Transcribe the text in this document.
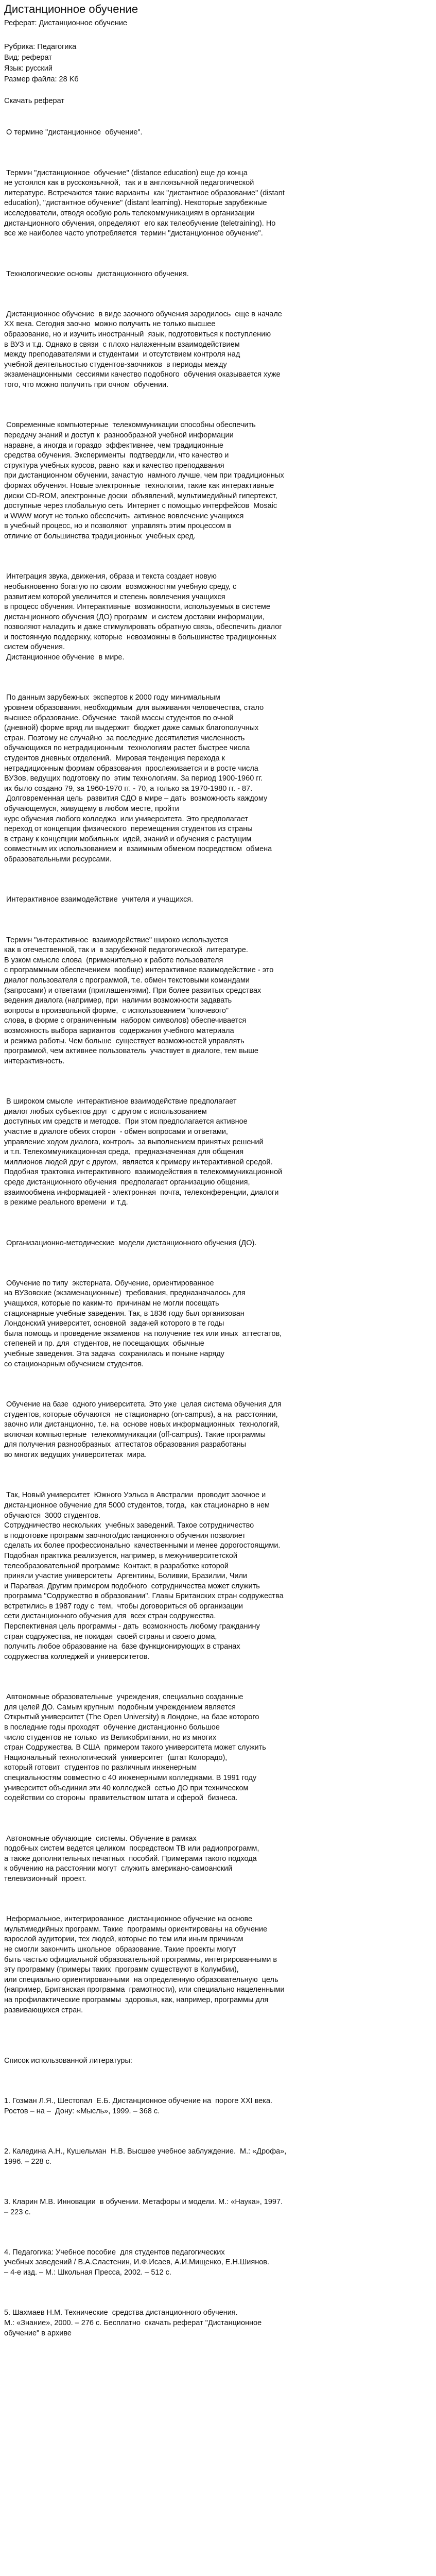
Дистанционное обучение
Реферат: Дистанционное обучение

Рубрика: Педагогика

Вид: реферат

Язык: русский

Размер файла: 28 Kб

Скачать реферат

О термине "дистанционное  обучение".

Термин "дистанционное  обучение" (distance education) еще до конца
не устоялся как в русскоязычной,  так и в англоязычной педагогической
литературе. Встречаются такие варианты  как "дистантное образование" (distant
education), "дистантное обучение" (distant learning). Некоторые зарубежные
исследователи, отводя особую роль телекоммуникациям в организации
дистанционного обучения, определяют  его как телеобучение (teletraining). Но
все же наиболее часто употребляется  термин "дистанционное обучение".

Технологические основы  дистанционного обучения.

Дистанционное обучение  в виде заочного обучения зародилось  еще в начале
ХХ века. Сегодня заочно  можно получить не только высшее
образование, но и изучить иностранный  язык, подготовиться к поступлению
в ВУЗ и т.д. Однако в связи  с плохо налаженным взаимодействием
между преподавателями и студентами  и отсутствием контроля над
учебной деятельностью студентов-заочников  в периоды между
экзаменационными  сессиями качество подобного  обучения оказывается хуже
того, что можно получить при очном  обучении.

Современные компьютерные  телекоммуникации способны обеспечить
передачу знаний и доступ к  разнообразной учебной информации
наравне, а иногда и гораздо  эффективнее, чем традиционные
средства обучения. Эксперименты  подтвердили, что качество и
структура учебных курсов, равно  как и качество преподавания
при дистанционном обучении, зачастую  намного лучше, чем при традиционных
формах обучения. Новые электронные  технологии, такие как интерактивные
диски CD-ROM, электронные доски  объявлений, мультимедийный гипертекст,
доступные через глобальную сеть  Интернет с помощью интерфейсов  Mosaic
и WWW могут не только обеспечить  активное вовлечение учащихся
в учебный процесс, но и позволяют  управлять этим процессом в
отличие от большинства традиционных  учебных сред.

Интеграция звука, движения, образа и текста создает новую
необыкновенно богатую по своим  возможностям учебную среду, с
развитием которой увеличится и степень вовлечения учащихся
в процесс обучения. Интерактивные  возможности, используемых в системе
дистанционного обучения (ДО) программ  и систем доставки информации,
позволяют наладить и даже стимулировать обратную связь, обеспечить диалог
и постоянную поддержку, которые  невозможны в большинстве традиционных
систем обучения.
Дистанционное обучение  в мире.

По данным зарубежных  экспертов к 2000 году минимальным
уровнем образования, необходимым  для выживания человечества, стало
высшее образование. Обучение  такой массы студентов по очной
(дневной) форме вряд ли выдержит  бюджет даже самых благополучных
стран. Поэтому не случайно  за последние десятилетия численность
обучающихся по нетрадиционным  технологиям растет быстрее числа
студентов дневных отделений.  Мировая тенденция перехода к
нетрадиционным формам образования  прослеживается и в росте числа
ВУЗов, ведущих подготовку по  этим технологиям. За период 1900-1960 гг.
их было создано 79, за 1960-1970 гг. - 70, а только за 1970-1980 гг. - 87.
Долговременная цель  развития СДО в мире – дать  возможность каждому
обучающемуся, живущему в любом месте, пройти
курс обучения любого колледжа  или университета. Это предполагает
переход от концепции физического  перемещения студентов из страны
в страну к концепции мобильных  идей, знаний и обучения с растущим
совместным их использованием и  взаимным обменом посредством  обмена
образовательными ресурсами.

Интерактивное взаимодействие  учителя и учащихся.

Термин "интерактивное  взаимодействие" широко используется
как в отечественной, так и  в зарубежной педагогической  литературе.
В узком смысле слова  (применительно к работе пользователя
с программным обеспечением  вообще) интерактивное взаимодействие - это
диалог пользователя с программой, т.е. обмен текстовыми командами
(запросами) и ответами (приглашениями). При более развитых средствах
ведения диалога (например, при  наличии возможности задавать
вопросы в произвольной форме,  с использованием "ключевого"
слова, в форме с ограниченным  набором символов) обеспечивается
возможность выбора вариантов  содержания учебного материала
и режима работы. Чем больше  существует возможностей управлять
программой, чем активнее пользователь  участвует в диалоге, тем выше
интерактивность.

В широком смысле  интерактивное взаимодействие предполагает
диалог любых субъектов друг  с другом с использованием
доступных им средств и методов.  При этом предполагается активное
участие в диалоге обеих сторон  - обмен вопросами и ответами,
управление ходом диалога, контроль  за выполнением принятых решений
и т.п. Телекоммуникационная среда,  предназначенная для общения
миллионов людей друг с другом,  является к примеру интерактивной средой.
Подобная трактовка интерактивного  взаимодействия в телекоммуникационной
среде дистанционного обучения  предполагает организацию общения,
взаимообмена информацией - электронная  почта, телеконференции, диалоги
в режиме реального времени  и т.д.

Организационно-методические  модели дистанционного обучения (ДО).

Обучение по типу  экстерната. Обучение, ориентированное
на ВУЗовские (экзаменационные)  требования, предназначалось для
учащихся, которые по каким-то  причинам не могли посещать
стационарные учебные заведения. Так, в 1836 году был организован
Лондонский университет, основной  задачей которого в те годы
была помощь и проведение экзаменов  на получение тех или иных  аттестатов,
степеней и пр. для  студентов, не посещающих  обычные
учебные заведения. Эта задача  сохранилась и поныне наряду
со стационарным обучением студентов.

Обучение на базе  одного университета. Это уже  целая система обучения для
студентов, которые обучаются  не стационарно (on-campus), а на  расстоянии,
заочно или дистанционно, т.е. на  основе новых информационных  технологий,
включая компьютерные  телекоммуникации (off-campus). Такие программы
для получения разнообразных  аттестатов образования разработаны
во многих ведущих университетах  мира.

Так, Новый университет  Южного Уэльса в Австралии  проводит заочное и
дистанционное обучение для 5000 студентов, тогда,  как стационарно в нем
обучаются  3000 студентов.
Сотрудничество нескольких  учебных заведений. Такое сотрудничество
в подготовке программ заочного/дистанционного обучения позволяет
сделать их более профессионально  качественными и менее дорогостоящими.
Подобная практика реализуется, например, в межуниверситетской
телеобразовательной программе  Контакт, в разработке которой
приняли участие университеты  Аргентины, Боливии, Бразилии, Чили
и Парагвая. Другим примером подобного  сотрудничества может служить
программа "Содружество в образовании". Главы Британских стран содружества
встретились в 1987 году с  тем,  чтобы договориться об организации
сети дистанционного обучения для  всех стран содружества.
Перспективная цель программы - дать  возможность любому гражданину
стран содружества, не покидая  своей страны и своего дома,
получить любое образование на  базе функционирующих в странах
содружества колледжей и университетов.

Автономные образовательные  учреждения, специально созданные
для целей ДО. Самым крупным  подобным учреждением является
Открытый университет (The Open University) в Лондоне, на базе которого
в последние годы проходят  обучение дистанционно большое
число студентов не только  из Великобритании, но из многих
стран Содружества. В США  примером такого университета может служить
Национальный технологический  университет  (штат Колорадо),
который готовит  студентов по различным инженерным
специальностям совместно с 40 инженерными колледжами. В 1991 году
университет объединил эти 40 колледжей  сетью ДО при техническом
содействии со стороны  правительством штата и сферой  бизнеса.

Автономные обучающие  системы. Обучение в рамках
подобных систем ведется целиком  посредством ТВ или радиопрограмм,
а также дополнительных печатных  пособий. Примерами такого подхода
к обучению на расстоянии могут  служить американо-самоанский
телевизионный  проект.

Неформальное, интегрированное  дистанционное обучение на основе
мультимедийных программ. Такие  программы ориентированы на обучение
взрослой аудитории, тех людей, которые по тем или иным причинам
не смогли закончить школьное  образование. Такие проекты могут
быть частью официальной образовательной программы, интегрированными в
эту программу (примеры таких  программ существуют в Колумбии),
или специально ориентированными  на определенную образовательную  цель
(например, Британская программа  грамотности), или специально нацеленными
на профилактические программы  здоровья, как, например, программы для
развивающихся стран.

Список использованной литературы:

1. Гозман Л.Я., Шестопал  Е.Б. Дистанционное обучение на  пороге XXI века.
Ростов – на –  Дону: «Мысль», 1999. – 368 с.

2. Каледина А.Н., Кушельман  Н.В. Высшее учебное заблуждение.  М.: «Дрофа»,
1996. – 228 с.

3. Кларин М.В. Инновации  в обучении. Метафоры и модели. М.: «Наука», 1997.
– 223 с.

4. Педагогика: Учебное пособие  для студентов педагогических
учебных заведений / В.А.Сластенин, И.Ф.Исаев, А.И.Мищенко, Е.Н.Шиянов.
– 4-е изд. – М.: Школьная Пресса, 2002. – 512 с.

5. Шахмаев Н.М. Технические  средства дистанционного обучения.
М.: «Знание», 2000. – 276 с. Бесплатно  скачать реферат "Дистанционное
обучение" в архиве
